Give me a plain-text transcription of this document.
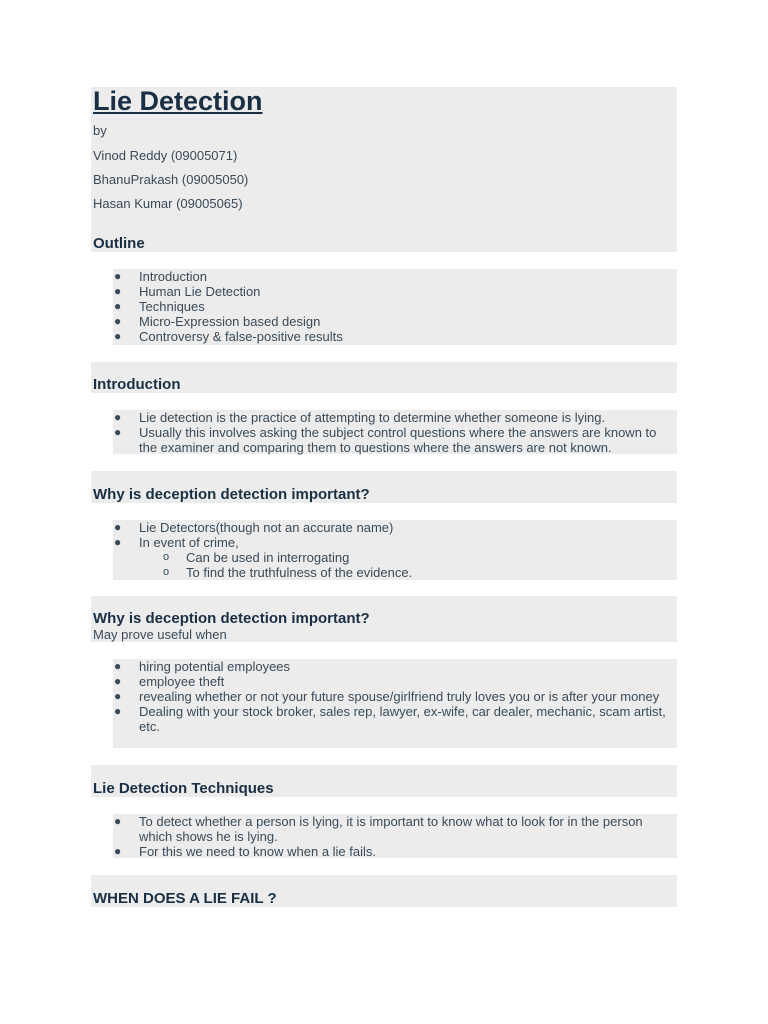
Lie Detection
by
Vinod Reddy (09005071)
BhanuPrakash (09005050)
Hasan Kumar (09005065)
Outline
● Introduction
● Human Lie Detection
● Techniques
● Micro-Expression based design
● Controversy & false-positive results
Introduction
● Lie detection is the practice of attempting to determine whether someone is lying.
● Usually this involves asking the subject control questions where the answers are known to the examiner and comparing them to questions where the answers are not known.
Why is deception detection important?
● Lie Detectors(though not an accurate name)
● In event of crime,
o Can be used in interrogating
o To find the truthfulness of the evidence.
Why is deception detection important?
May prove useful when
● hiring potential employees
● employee theft
● revealing whether or not your future spouse/girlfriend truly loves you or is after your money
● Dealing with your stock broker, sales rep, lawyer, ex-wife, car dealer, mechanic, scam artist, etc.
Lie Detection Techniques
● To detect whether a person is lying, it is important to know what to look for in the person which shows he is lying.
● For this we need to know when a lie fails.
WHEN DOES A LIE FAIL ?
